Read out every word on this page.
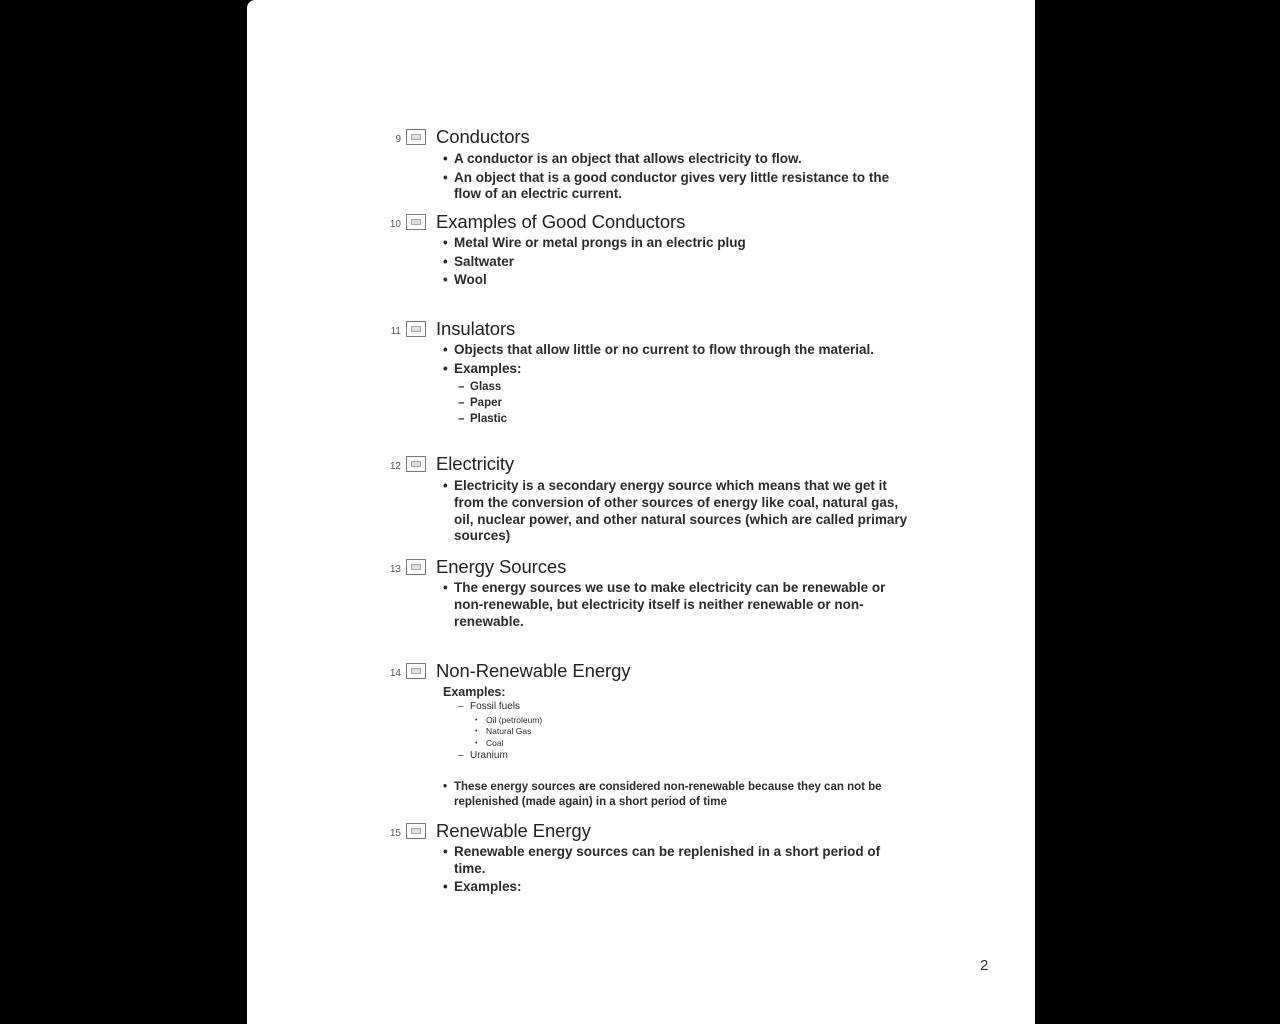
9 Conductors
• A conductor is an object that allows electricity to flow.
• An object that is a good conductor gives very little resistance to the flow of an electric current.
10 Examples of Good Conductors
• Metal Wire or metal prongs in an electric plug
• Saltwater
• Wool
11 Insulators
• Objects that allow little or no current to flow through the material.
• Examples:
– Glass
– Paper
– Plastic
12 Electricity
• Electricity is a secondary energy source which means that we get it from the conversion of other sources of energy like coal, natural gas, oil, nuclear power, and other natural sources (which are called primary sources)
13 Energy Sources
• The energy sources we use to make electricity can be renewable or non-renewable, but electricity itself is neither renewable or non-renewable.
14 Non-Renewable Energy
Examples:
– Fossil fuels
• Oil (petroleum)
• Natural Gas
• Coal
– Uranium
• These energy sources are considered non-renewable because they can not be replenished (made again) in a short period of time
15 Renewable Energy
• Renewable energy sources can be replenished in a short period of time.
• Examples:
2
